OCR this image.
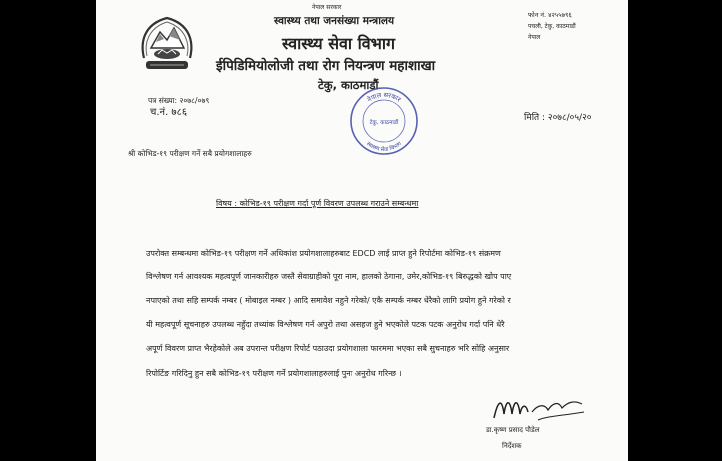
नेपाल सरकार
स्वास्थ्य तथा जनसंख्या मन्त्रालय
स्वास्थ्य सेवा विभाग
ईपिडिमियोलोजी तथा रोग नियन्त्रण महाशाखा
टेकु, काठमाडौं
फोन नं. ४२५५७९६
पचली, टेकु, काठमाडौं
नेपाल
पत्र संख्या: २०७८/०७९
च.नं. ७८६	मिति : २०७८/०५/२०
नेपाल सरकार
स्वास्थ्य सेवा विभाग
टेकु, काठमाडौं
श्री कोभिड-१९ परीक्षण गर्ने सबै प्रयोगशालाहरु
विषय : कोभिड-१९ परीक्षण गर्दा पूर्ण विवरण उपलब्ध गराउने सम्बन्धमा
उपरोक्त सम्बन्धमा कोभिड-१९ परीक्षण गर्ने अधिकांश प्रयोगशालाहरुबाट EDCD लाई प्राप्त हुने रिपोर्टमा कोभिड-१९ संक्रमण
विश्लेषण गर्न आवश्यक महत्वपूर्ण जानकारीहरु जस्तै सेवाग्राहीको पूरा नाम, हालको ठेगाना, उमेर,कोभिड-१९ बिरुद्धको खोप पाए
नपाएको तथा सहि सम्पर्क नम्बर ( मोबाइल नम्बर ) आदि समावेश नहुने गरेको/ एकै सम्पर्क नम्बर धेरैको लागि प्रयोग हुने गरेको र
यी महत्वपूर्ण सूचनाहरु उपलब्ध नहुँदा तथ्यांक विश्लेषण गर्न अपुरो तथा असहज हुने भएकोले पटक पटक अनुरोध गर्दा पनि धेरै
अपूर्ण विवरण प्राप्त भैरहेकोले अब उपरान्त परीक्षण रिपोर्ट पठाउदा प्रयोगशाला फारममा भएका सबै सुचनाहरु भरि सोहि अनुसार
रिपोर्टिङ गरिदिनु हुन सबै कोभिड-१९ परीक्षण गर्ने प्रयोगशालाहरुलाई पुनः अनुरोध गरिन्छ ।
डा.कृष्ण प्रसाद पौडेल
निर्देशक
